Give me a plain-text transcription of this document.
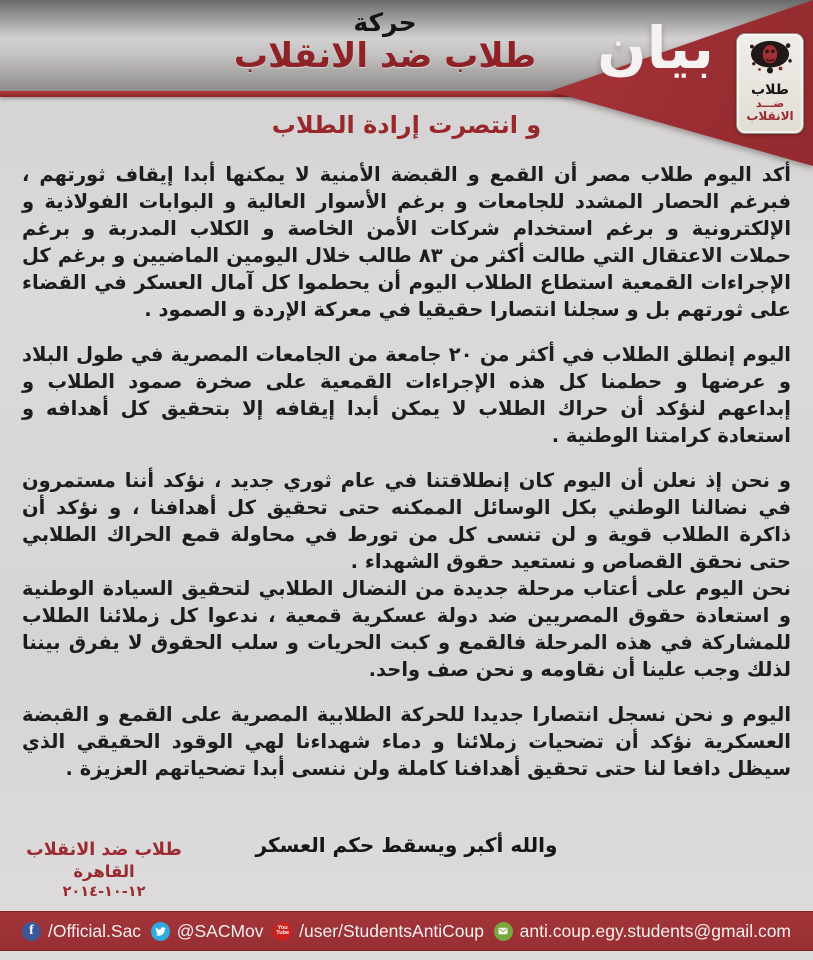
حركة
طلاب ضد الانقلاب	بيان
طلاب
ضـــد
الانقلاب
و انتصرت إرادة الطلاب

أكد اليوم طلاب مصر أن القمع و القبضة الأمنية لا يمكنها أبدا إيقاف ثورتهم ، فبرغم الحصار المشدد للجامعات و برغم الأسوار العالية و البوابات الفولاذية و الإلكترونية و برغم استخدام شركات الأمن الخاصة و الكلاب المدربة و برغم حملات الاعتقال التي طالت أكثر من ٨٣ طالب خلال اليومين الماضيين و برغم كل الإجراءات القمعية استطاع الطلاب اليوم أن يحطموا كل آمال العسكر في القضاء على ثورتهم بل و سجلنا انتصارا حقيقيا في معركة الإردة و الصمود .

اليوم إنطلق الطلاب في أكثر من ٢٠ جامعة من الجامعات المصرية في طول البلاد و عرضها و حطمنا كل هذه الإجراءات القمعية على صخرة صمود الطلاب و إبداعهم لنؤكد أن حراك الطلاب لا يمكن أبدا إيقافه إلا بتحقيق كل أهدافه و استعادة كرامتنا الوطنية .

و نحن إذ نعلن أن اليوم كان إنطلاقتنا في عام ثوري جديد ، نؤكد أننا مستمرون في نضالنا الوطني بكل الوسائل الممكنه حتى تحقيق كل أهدافنا ، و نؤكد أن ذاكرة الطلاب قوية و لن تنسى كل من تورط في محاولة قمع الحراك الطلابي حتى نحقق القصاص و نستعيد حقوق الشهداء .

نحن اليوم على أعتاب مرحلة جديدة من النضال الطلابي لتحقيق السيادة الوطنية و استعادة حقوق المصريين ضد دولة عسكرية قمعية ، ندعوا كل زملائنا الطلاب للمشاركة في هذه المرحلة فالقمع و كبت الحريات و سلب الحقوق لا يفرق بيننا لذلك وجب علينا أن نقاومه و نحن صف واحد.

اليوم و نحن نسجل انتصارا جديدا للحركة الطلابية المصرية على القمع و القبضة العسكرية نؤكد أن تضحيات زملائنا و دماء شهداءنا لهي الوقود الحقيقي الذي سيظل دافعا لنا حتى تحقيق أهدافنا كاملة ولن ننسى أبدا تضحياتهم العزيزة .

والله أكبر ويسقط حكم العسكر
طلاب ضد الانقلاب
القاهرة
١٢-١٠-٢٠١٤
f /Official.Sac @SACMov	You
Tube /user/StudentsAntiCoup anti.coup.egy.students@gmail.com
